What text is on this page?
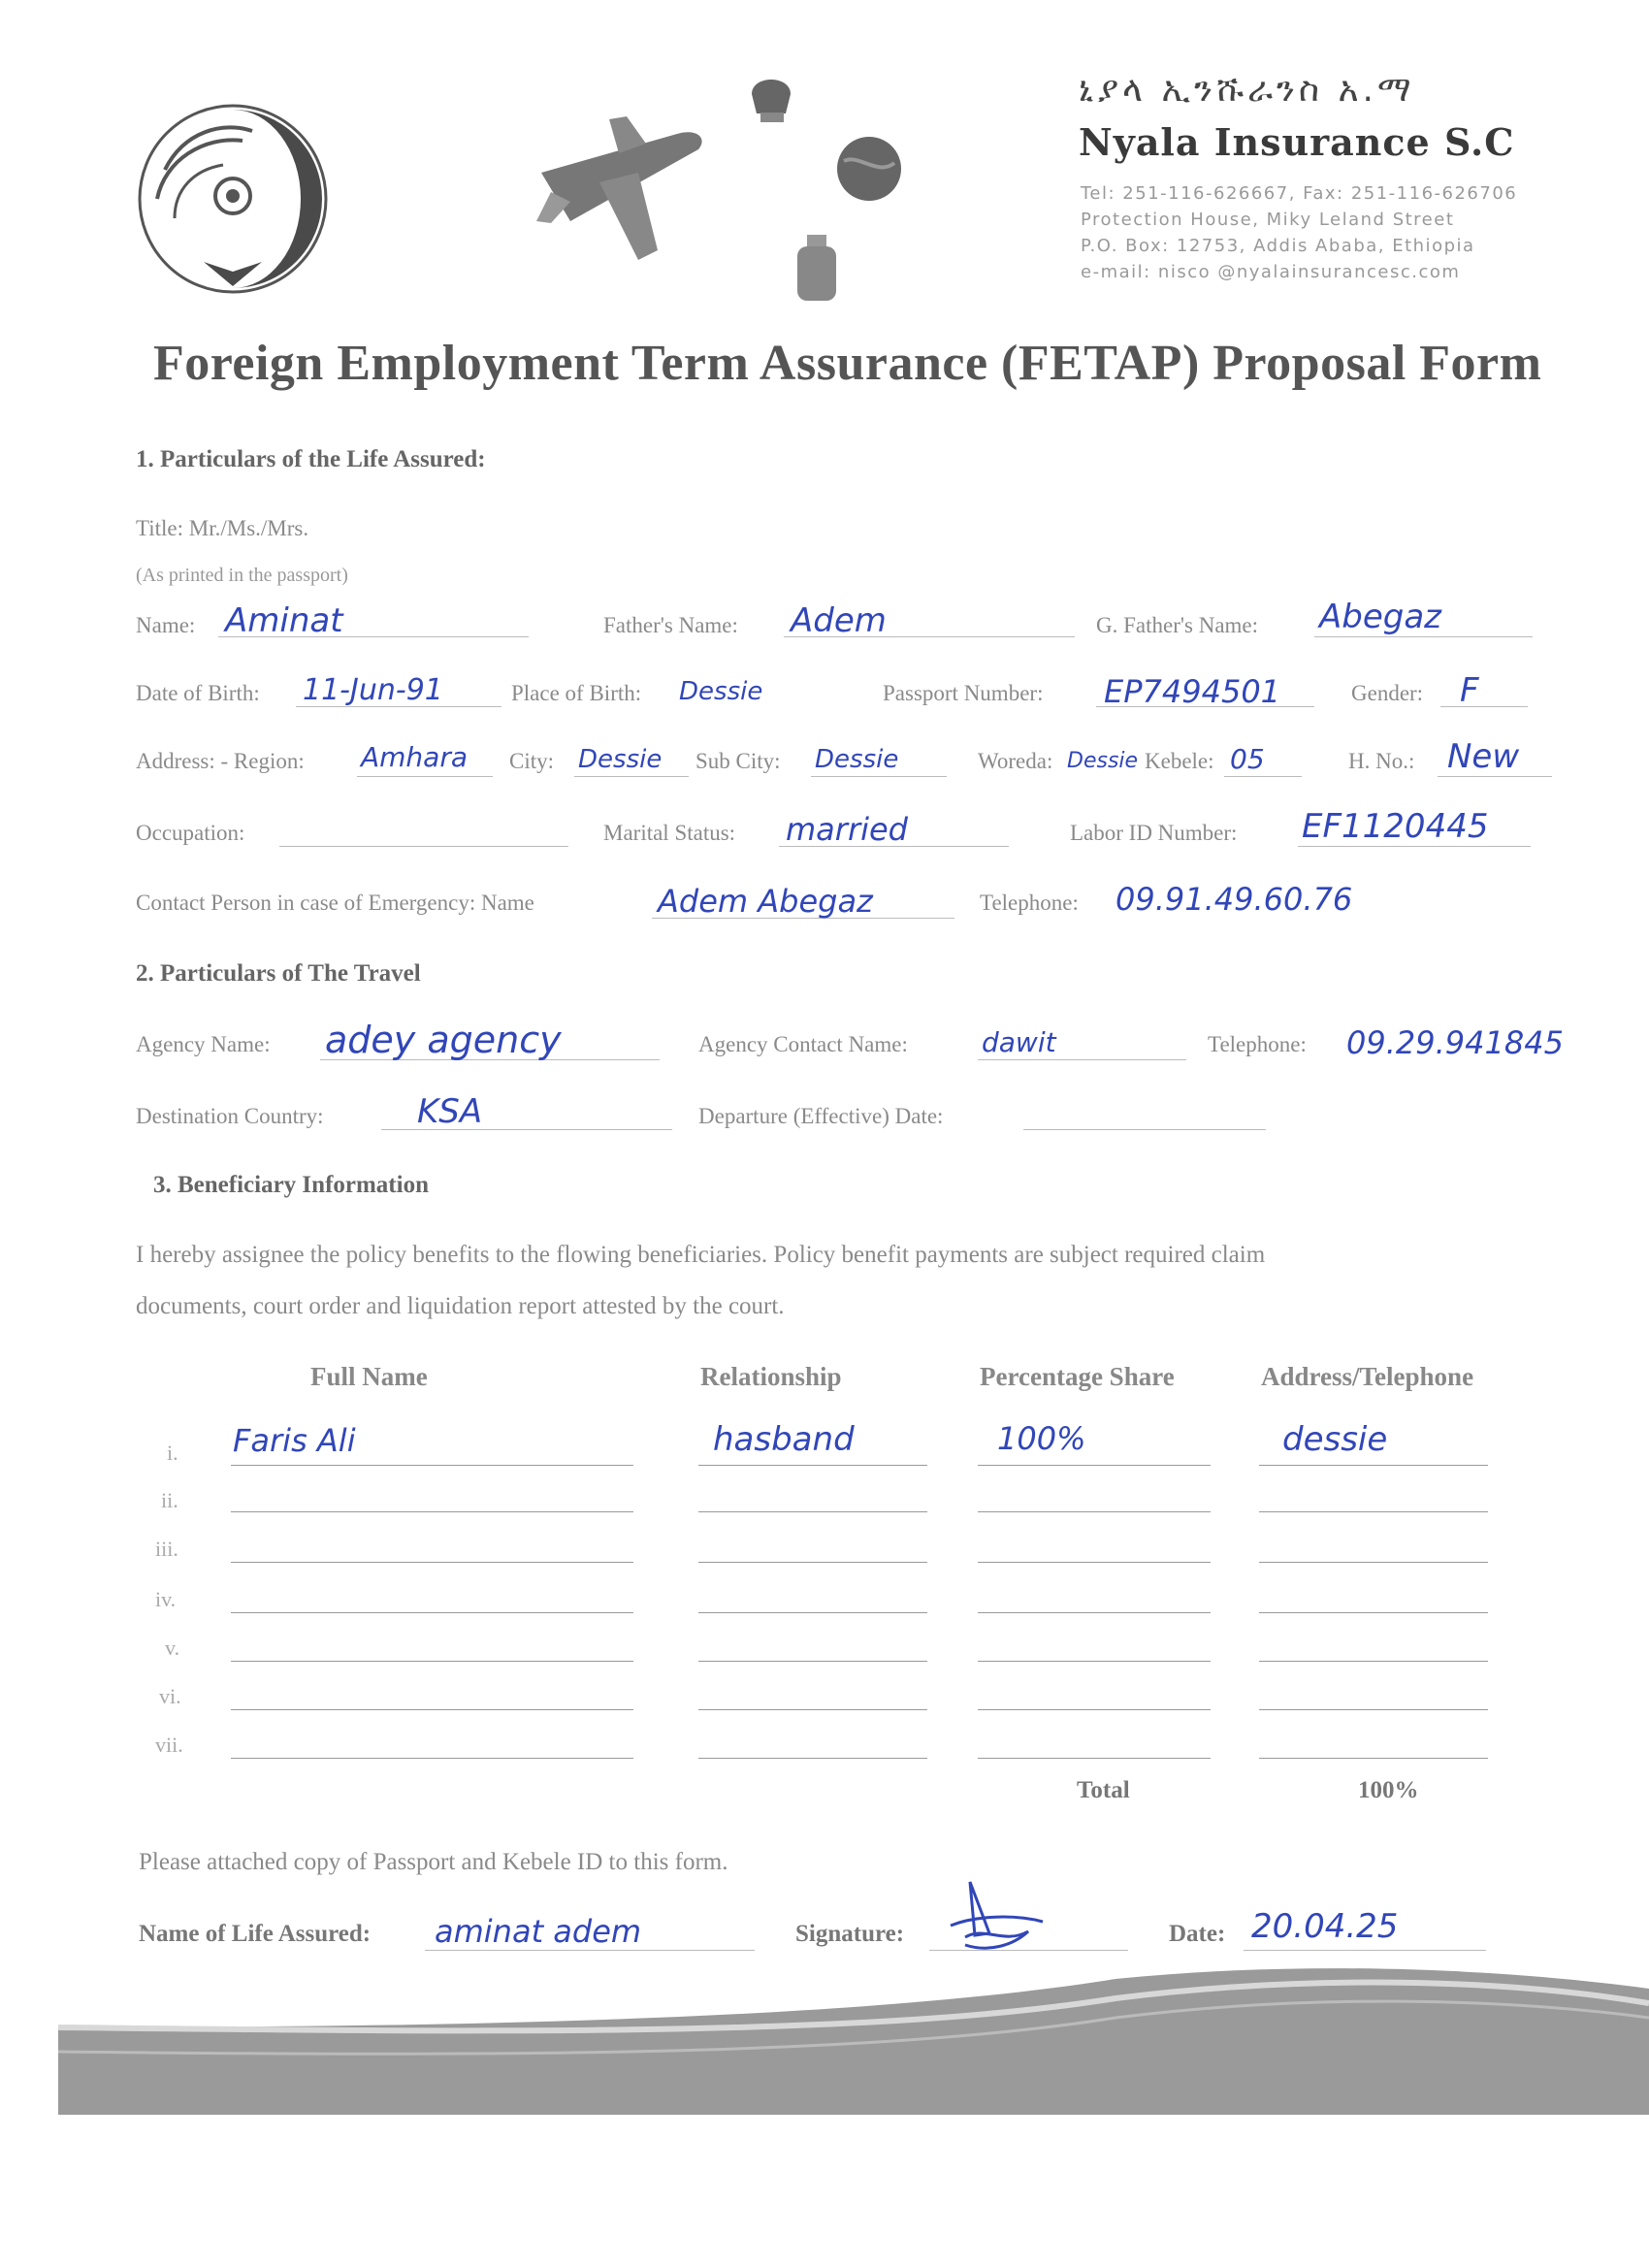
ኒያላ ኢንሹራንስ አ.ማ
Nyala Insurance S.C
Tel: 251-116-626667, Fax: 251-116-626706
Protection House, Miky Leland Street
P.O. Box: 12753, Addis Ababa, Ethiopia
e-mail: nisco @nyalainsurancesc.com
Foreign Employment Term Assurance (FETAP) Proposal Form
1. Particulars of the Life Assured:
Title: Mr./Ms./Mrs.
(As printed in the passport)
Name: Aminat	Father's Name: Adem	G. Father's Name: Abegaz
Date of Birth: 11-Jun-91	Place of Birth: Dessie	Passport Number: EP7494501	Gender: F
Address: - Region: Amhara City: Dessie Sub City: Dessie	Woreda: Dessie Kebele: 05	H. No.: New
Occupation:	Marital Status: married	Labor ID Number: EF1120445
Contact Person in case of Emergency: Name	Adem Abegaz	Telephone: 09.91.49.60.76
2. Particulars of The Travel
Agency Name: adey agency	Agency Contact Name:	dawit	Telephone: 09.29.941845
Destination Country:	KSA	Departure (Effective) Date:
3. Beneficiary Information
I hereby assignee the policy benefits to the flowing beneficiaries. Policy benefit payments are subject required claim
documents, court order and liquidation report attested by the court.
Full Name	Relationship	Percentage Share	Address/Telephone
i. Faris Ali	hasband	100%	dessie
ii.
iii.
iv.
v.
vi.
vii.
Total	100%
Please attached copy of Passport and Kebele ID to this form.
Name of Life Assured: aminat adem	Signature:	Date: 20.04.25
